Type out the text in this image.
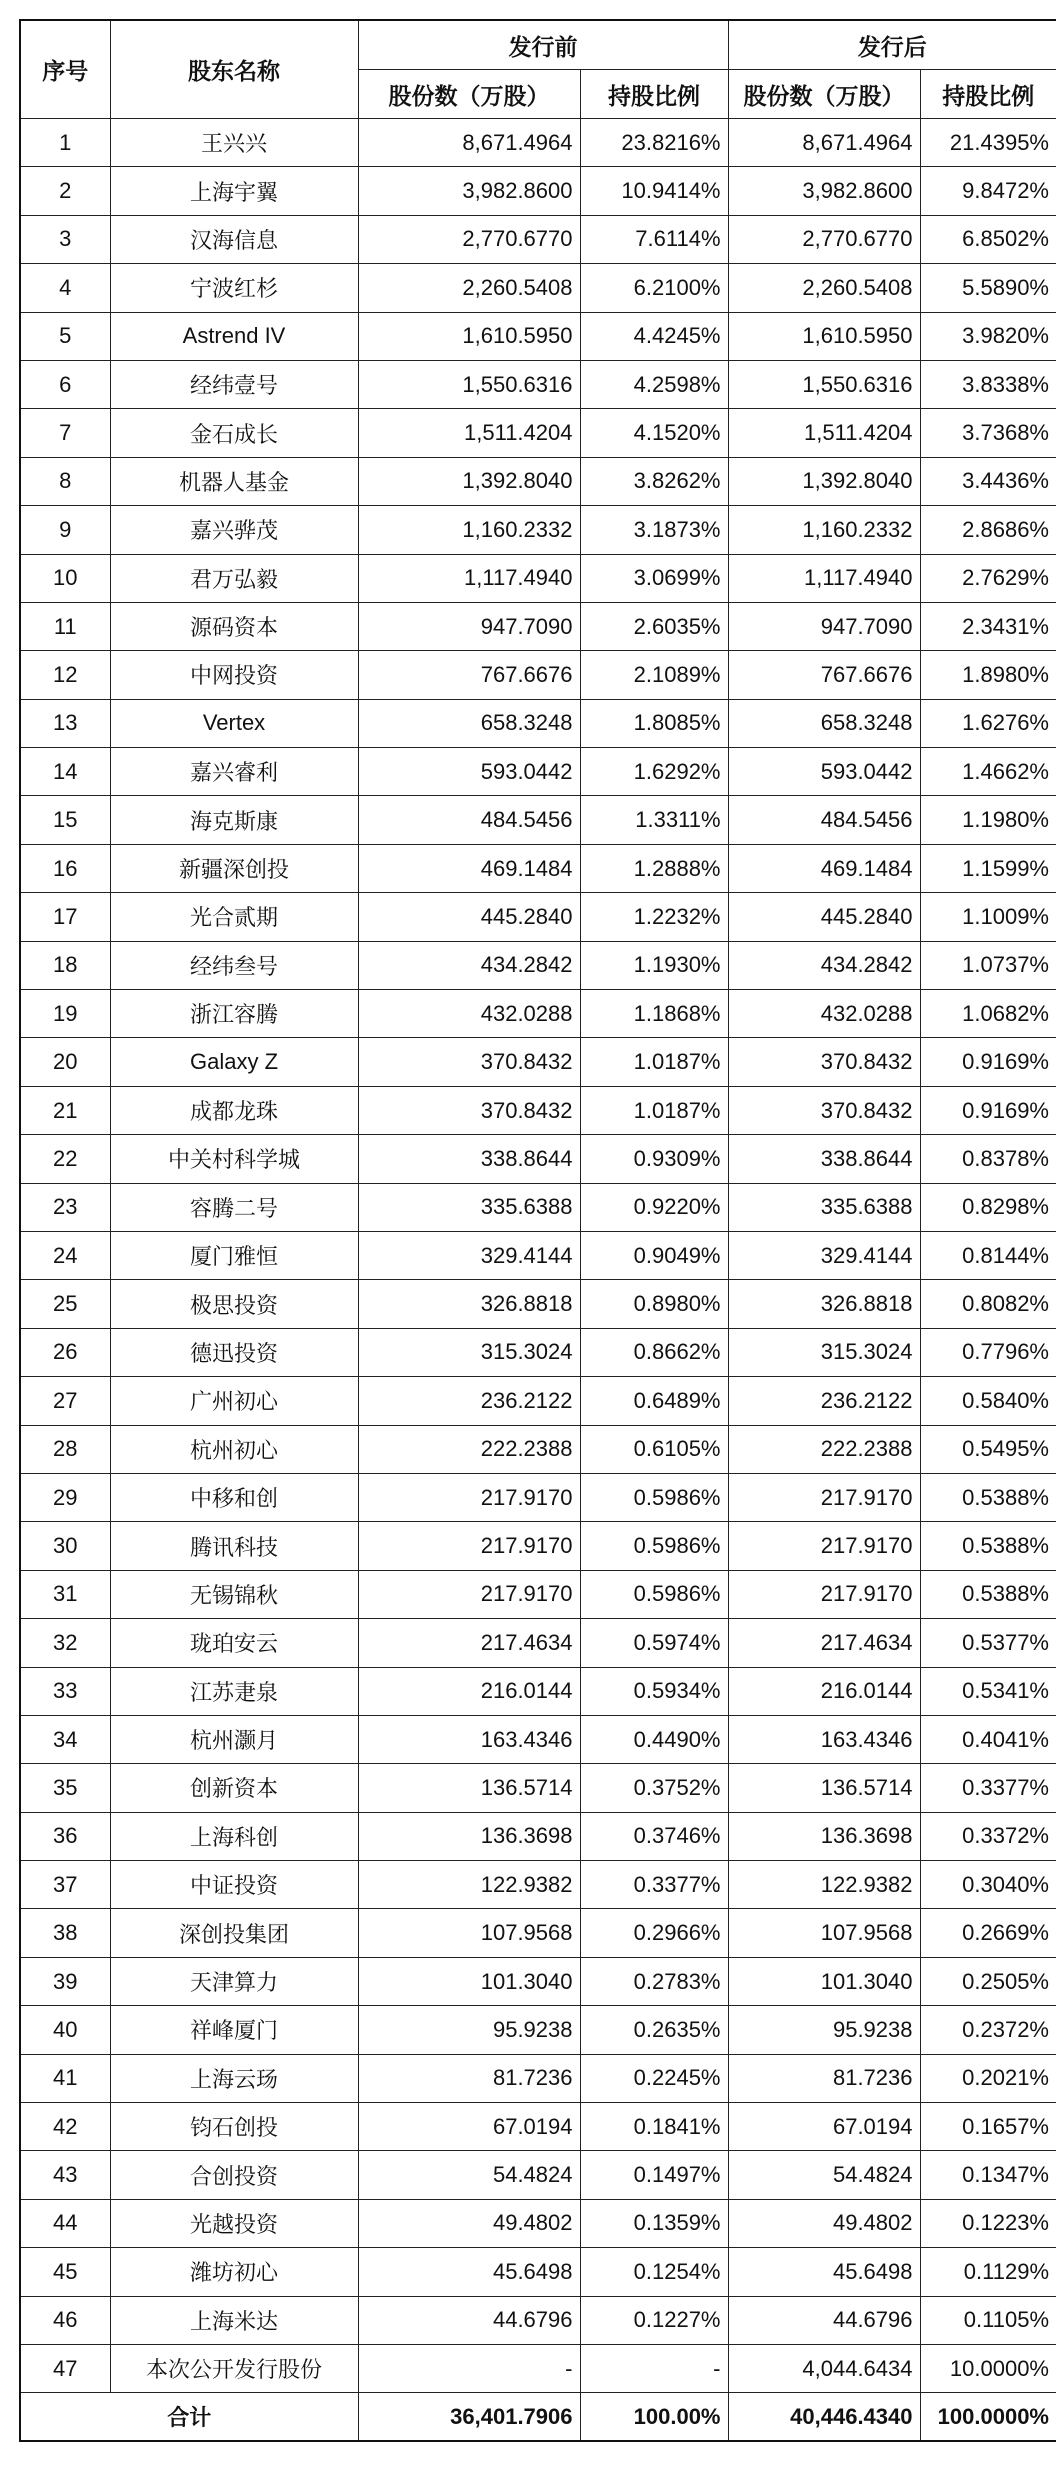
序号	股东名称	发行前		发行后	
		股份数（万股）	持股比例	股份数（万股）	持股比例
1	王兴兴	8,671.4964	23.8216%	8,671.4964	21.4395%
2	上海宇翼	3,982.8600	10.9414%	3,982.8600	9.8472%
3	汉海信息	2,770.6770	7.6114%	2,770.6770	6.8502%
4	宁波红杉	2,260.5408	6.2100%	2,260.5408	5.5890%
5	Astrend IV	1,610.5950	4.4245%	1,610.5950	3.9820%
6	经纬壹号	1,550.6316	4.2598%	1,550.6316	3.8338%
7	金石成长	1,511.4204	4.1520%	1,511.4204	3.7368%
8	机器人基金	1,392.8040	3.8262%	1,392.8040	3.4436%
9	嘉兴骅茂	1,160.2332	3.1873%	1,160.2332	2.8686%
10	君万弘毅	1,117.4940	3.0699%	1,117.4940	2.7629%
11	源码资本	947.7090	2.6035%	947.7090	2.3431%
12	中网投资	767.6676	2.1089%	767.6676	1.8980%
13	Vertex	658.3248	1.8085%	658.3248	1.6276%
14	嘉兴睿利	593.0442	1.6292%	593.0442	1.4662%
15	海克斯康	484.5456	1.3311%	484.5456	1.1980%
16	新疆深创投	469.1484	1.2888%	469.1484	1.1599%
17	光合贰期	445.2840	1.2232%	445.2840	1.1009%
18	经纬叁号	434.2842	1.1930%	434.2842	1.0737%
19	浙江容腾	432.0288	1.1868%	432.0288	1.0682%
20	Galaxy Z	370.8432	1.0187%	370.8432	0.9169%
21	成都龙珠	370.8432	1.0187%	370.8432	0.9169%
22	中关村科学城	338.8644	0.9309%	338.8644	0.8378%
23	容腾二号	335.6388	0.9220%	335.6388	0.8298%
24	厦门雅恒	329.4144	0.9049%	329.4144	0.8144%
25	极思投资	326.8818	0.8980%	326.8818	0.8082%
26	德迅投资	315.3024	0.8662%	315.3024	0.7796%
27	广州初心	236.2122	0.6489%	236.2122	0.5840%
28	杭州初心	222.2388	0.6105%	222.2388	0.5495%
29	中移和创	217.9170	0.5986%	217.9170	0.5388%
30	腾讯科技	217.9170	0.5986%	217.9170	0.5388%
31	无锡锦秋	217.9170	0.5986%	217.9170	0.5388%
32	珑珀安云	217.4634	0.5974%	217.4634	0.5377%
33	江苏疌泉	216.0144	0.5934%	216.0144	0.5341%
34	杭州灏月	163.4346	0.4490%	163.4346	0.4041%
35	创新资本	136.5714	0.3752%	136.5714	0.3377%
36	上海科创	136.3698	0.3746%	136.3698	0.3372%
37	中证投资	122.9382	0.3377%	122.9382	0.3040%
38	深创投集团	107.9568	0.2966%	107.9568	0.2669%
39	天津算力	101.3040	0.2783%	101.3040	0.2505%
40	祥峰厦门	95.9238	0.2635%	95.9238	0.2372%
41	上海云玚	81.7236	0.2245%	81.7236	0.2021%
42	钧石创投	67.0194	0.1841%	67.0194	0.1657%
43	合创投资	54.4824	0.1497%	54.4824	0.1347%
44	光越投资	49.4802	0.1359%	49.4802	0.1223%
45	潍坊初心	45.6498	0.1254%	45.6498	0.1129%
46	上海米达	44.6796	0.1227%	44.6796	0.1105%
47	本次公开发行股份	-	-	4,044.6434	10.0000%
合计		36,401.7906	100.00%	40,446.4340	100.0000%
